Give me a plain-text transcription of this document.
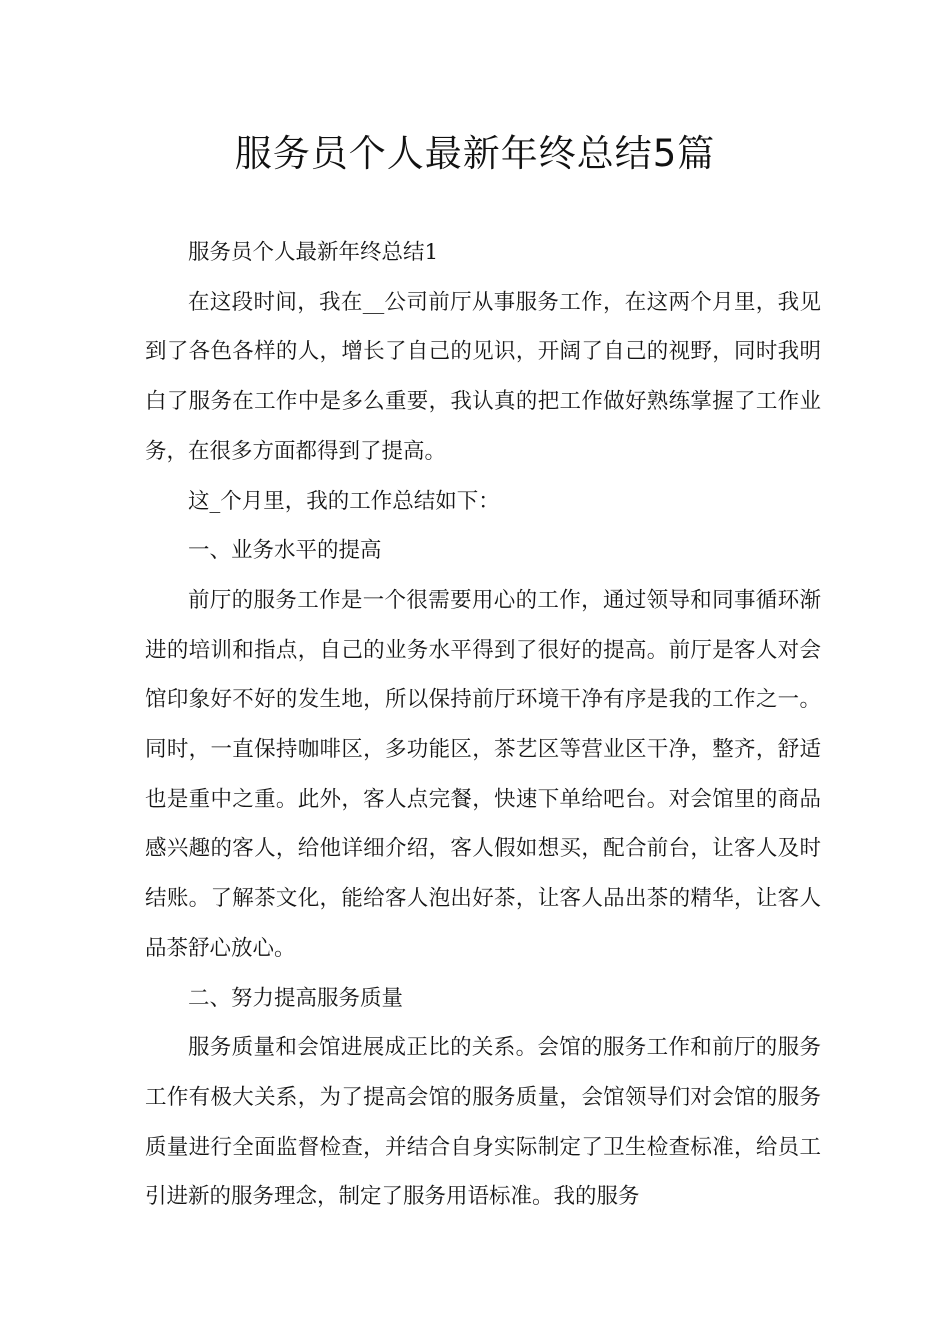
服务员个人最新年终总结5篇

服务员个人最新年终总结1

在这段时间，我在__公司前厅从事服务工作，在这两个月里，我见到了各色各样的人，增长了自己的见识，开阔了自己的视野，同时我明白了服务在工作中是多么重要，我认真的把工作做好熟练掌握了工作业务，在很多方面都得到了提高。

这_个月里，我的工作总结如下：

一、业务水平的提高

前厅的服务工作是一个很需要用心的工作，通过领导和同事循环渐进的培训和指点，自己的业务水平得到了很好的提高。前厅是客人对会馆印象好不好的发生地，所以保持前厅环境干净有序是我的工作之一。同时，一直保持咖啡区，多功能区，茶艺区等营业区干净，整齐，舒适也是重中之重。此外，客人点完餐，快速下单给吧台。对会馆里的商品感兴趣的客人，给他详细介绍，客人假如想买，配合前台，让客人及时结账。了解茶文化，能给客人泡出好茶，让客人品出茶的精华，让客人品茶舒心放心。

二、努力提高服务质量

服务质量和会馆进展成正比的关系。会馆的服务工作和前厅的服务工作有极大关系，为了提高会馆的服务质量，会馆领导们对会馆的服务质量进行全面监督检查，并结合自身实际制定了卫生检查标准，给员工引进新的服务理念，制定了服务用语标准。我的服务
